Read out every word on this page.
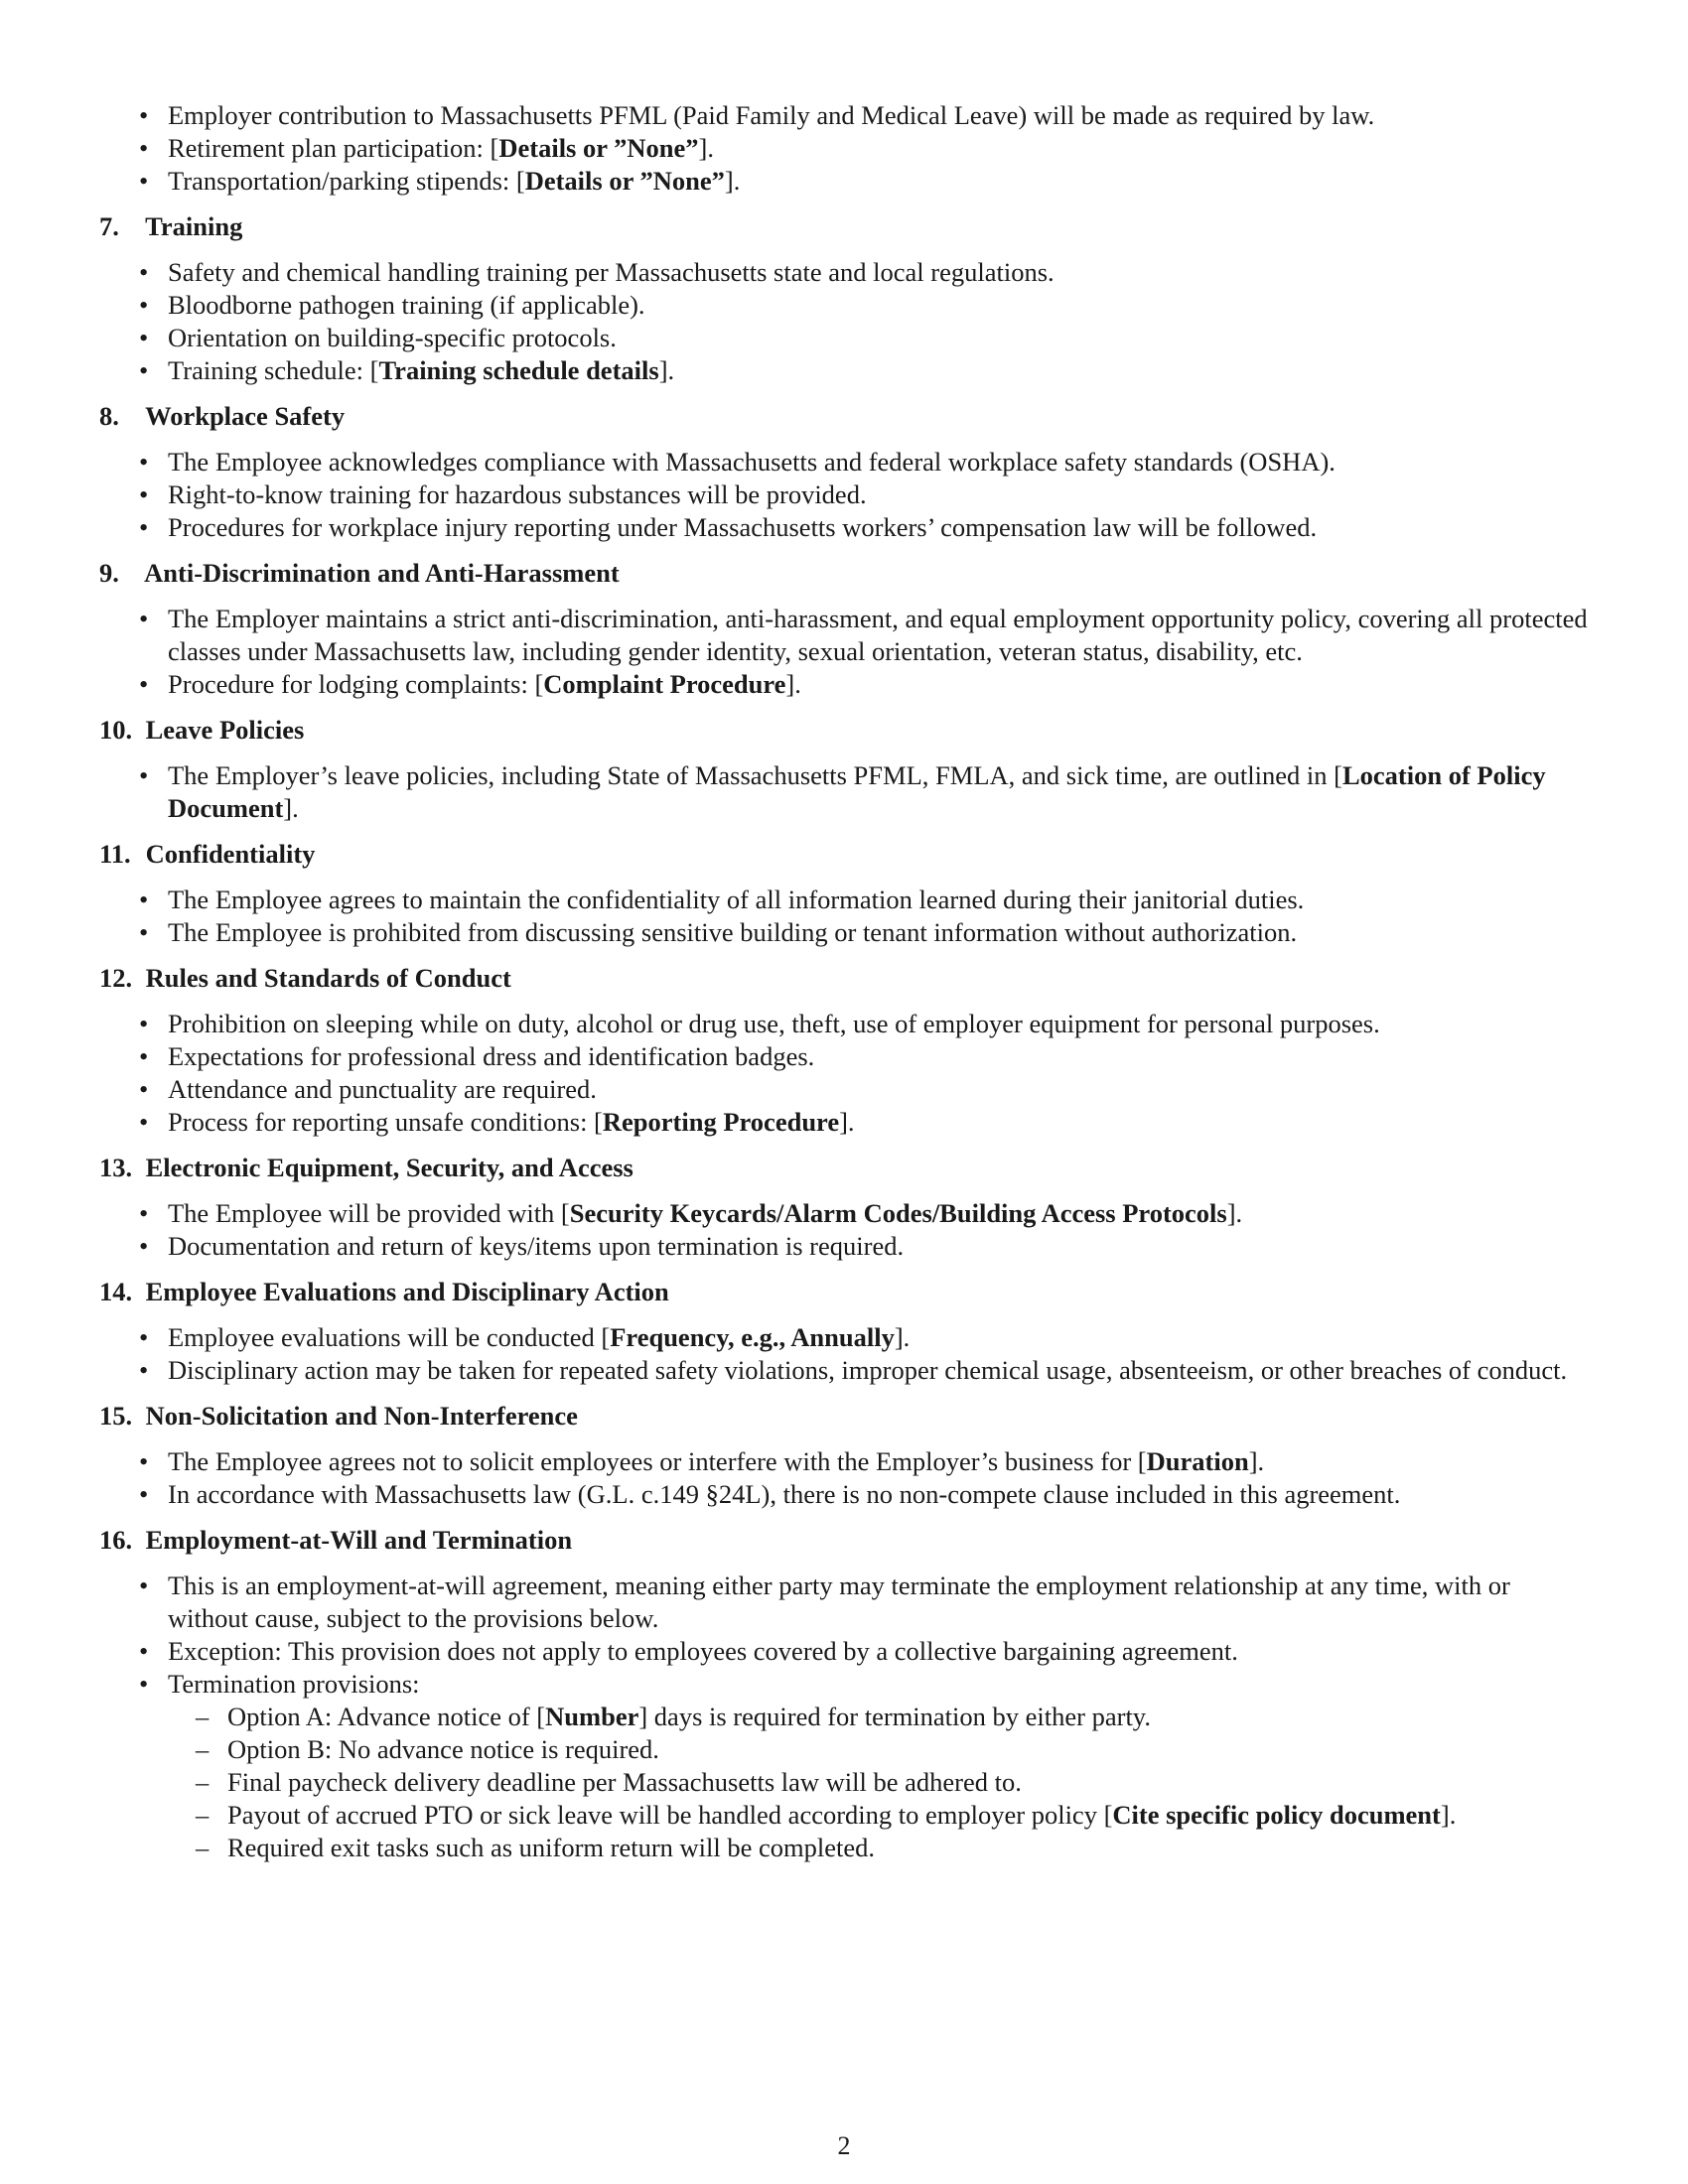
• Employer contribution to Massachusetts PFML (Paid Family and Medical Leave) will be made as required by law.
• Retirement plan participation: [Details or ”None”].
• Transportation/parking stipends: [Details or ”None”].
7. Training
• Safety and chemical handling training per Massachusetts state and local regulations.
• Bloodborne pathogen training (if applicable).
• Orientation on building-specific protocols.
• Training schedule: [Training schedule details].
8. Workplace Safety
• The Employee acknowledges compliance with Massachusetts and federal workplace safety standards (OSHA).
• Right-to-know training for hazardous substances will be provided.
• Procedures for workplace injury reporting under Massachusetts workers’ compensation law will be followed.
9. Anti-Discrimination and Anti-Harassment
• The Employer maintains a strict anti-discrimination, anti-harassment, and equal employment opportunity policy, covering all protected classes under Massachusetts law, including gender identity, sexual orientation, veteran status, disability, etc.
• Procedure for lodging complaints: [Complaint Procedure].
10. Leave Policies
• The Employer’s leave policies, including State of Massachusetts PFML, FMLA, and sick time, are outlined in [Location of Policy Document].
11. Confidentiality
• The Employee agrees to maintain the confidentiality of all information learned during their janitorial duties.
• The Employee is prohibited from discussing sensitive building or tenant information without authorization.
12. Rules and Standards of Conduct
• Prohibition on sleeping while on duty, alcohol or drug use, theft, use of employer equipment for personal purposes.
• Expectations for professional dress and identification badges.
• Attendance and punctuality are required.
• Process for reporting unsafe conditions: [Reporting Procedure].
13. Electronic Equipment, Security, and Access
• The Employee will be provided with [Security Keycards/Alarm Codes/Building Access Protocols].
• Documentation and return of keys/items upon termination is required.
14. Employee Evaluations and Disciplinary Action
• Employee evaluations will be conducted [Frequency, e.g., Annually].
• Disciplinary action may be taken for repeated safety violations, improper chemical usage, absenteeism, or other breaches of conduct.
15. Non-Solicitation and Non-Interference
• The Employee agrees not to solicit employees or interfere with the Employer’s business for [Duration].
• In accordance with Massachusetts law (G.L. c.149 §24L), there is no non-compete clause included in this agreement.
16. Employment-at-Will and Termination
• This is an employment-at-will agreement, meaning either party may terminate the employment relationship at any time, with or without cause, subject to the provisions below.
• Exception: This provision does not apply to employees covered by a collective bargaining agreement.
• Termination provisions:
– Option A: Advance notice of [Number] days is required for termination by either party.
– Option B: No advance notice is required.
– Final paycheck delivery deadline per Massachusetts law will be adhered to.
– Payout of accrued PTO or sick leave will be handled according to employer policy [Cite specific policy document].
– Required exit tasks such as uniform return will be completed.
2
